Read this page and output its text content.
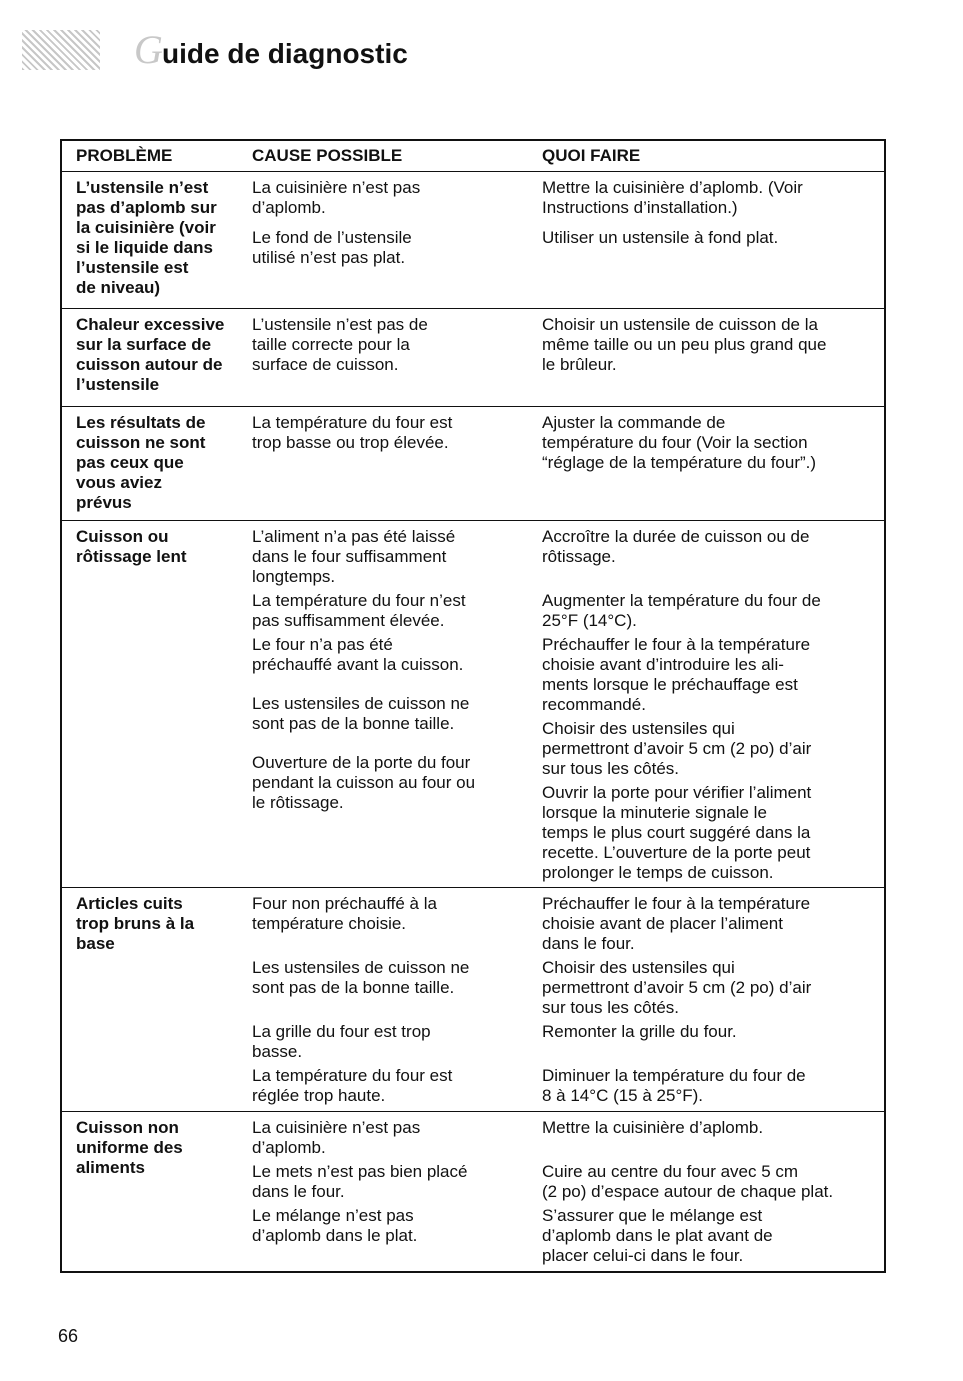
G uide de diagnostic
PROBLÈME	CAUSE POSSIBLE	QUOI FAIRE
L’ustensile n’est
pas d’aplomb sur
la cuisinière (voir
si le liquide dans
l’ustensile est
de niveau)

La cuisinière n’est pas
d’aplomb.

Le fond de l’ustensile
utilisé n’est pas plat.

Mettre la cuisinière d’aplomb. (Voir
Instructions d’installation.)

Utiliser un ustensile à fond plat.

Chaleur excessive
sur la surface de
cuisson autour de
l’ustensile

L’ustensile n’est pas de
taille correcte pour la
surface de cuisson.

Choisir un ustensile de cuisson de la
même taille ou un peu plus grand que
le brûleur.

Les résultats de
cuisson ne sont
pas ceux que
vous aviez
prévus

La température du four est
trop basse ou trop élevée.

Ajuster la commande de
température du four (Voir la section
“réglage de la température du four”.)

Cuisson ou
rôtissage lent

L’aliment n’a pas été laissé
dans le four suffisamment
longtemps.

La température du four n’est
pas suffisamment élevée.

Le four n’a pas été
préchauffé avant la cuisson.

Les ustensiles de cuisson ne
sont pas de la bonne taille.

Ouverture de la porte du four
pendant la cuisson au four ou
le rôtissage.

Accroître la durée de cuisson ou de
rôtissage.

Augmenter la température du four de
25°F (14°C).

Préchauffer le four à la température
choisie avant d’introduire les ali-
ments lorsque le préchauffage est
recommandé.

Choisir des ustensiles qui
permettront d’avoir 5 cm (2 po) d’air
sur tous les côtés.

Ouvrir la porte pour vérifier l’aliment
lorsque la minuterie signale le
temps le plus court suggéré dans la
recette. L’ouverture de la porte peut
prolonger le temps de cuisson.

Articles cuits
trop bruns à la
base

Four non préchauffé à la
température choisie.

Les ustensiles de cuisson ne
sont pas de la bonne taille.

La grille du four est trop
basse.

La température du four est
réglée trop haute.

Préchauffer le four à la température
choisie avant de placer l’aliment
dans le four.

Choisir des ustensiles qui
permettront d’avoir 5 cm (2 po) d’air
sur tous les côtés.

Remonter la grille du four.

Diminuer la température du four de
8 à 14°C (15 à 25°F).

Cuisson non
uniforme des
aliments

La cuisinière n’est pas
d’aplomb.

Le mets n’est pas bien placé
dans le four.

Le mélange n’est pas
d’aplomb dans le plat.

Mettre la cuisinière d’aplomb.

Cuire au centre du four avec 5 cm
(2 po) d’espace autour de chaque plat.

S’assurer que le mélange est
d’aplomb dans le plat avant de
placer celui-ci dans le four.

66
